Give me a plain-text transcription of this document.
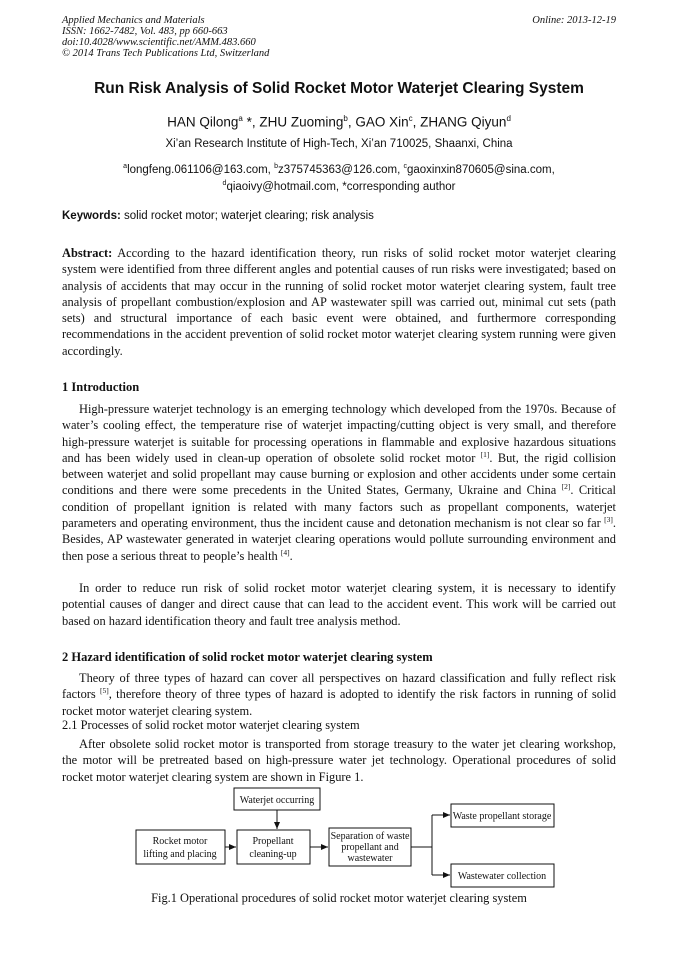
Applied Mechanics and Materials
ISSN: 1662-7482, Vol. 483, pp 660-663
doi:10.4028/www.scientific.net/AMM.483.660
© 2014 Trans Tech Publications Ltd, Switzerland
Online: 2013-12-19
Run Risk Analysis of Solid Rocket Motor Waterjet Clearing System
HAN Qilong$^a$ *, ZHU Zuoming$^b$, GAO Xin$^c$, ZHANG Qiyun$^d$
Xi’an Research Institute of High-Tech, Xi’an 710025, Shaanxi, China
$^a$longfeng.061106@163.com, $^b$z375745363@126.com, $^c$gaoxinxin870605@sina.com,
$^d$qiaoivy@hotmail.com, *corresponding author
Keywords: solid rocket motor; waterjet clearing; risk analysis
Abstract: According to the hazard identification theory, run risks of solid rocket motor waterjet clearing system were identified from three different angles and potential causes of run risks were investigated; based on analysis of accidents that may occur in the running of solid rocket motor waterjet clearing system, fault tree analysis of propellant combustion/explosion and AP wastewater spill was carried out, minimal cut sets (path sets) and structural importance of each basic event were obtained, and furthermore corresponding recommendations in the accident prevention of solid rocket motor waterjet clearing system running were given accordingly.
1 Introduction
High-pressure waterjet technology is an emerging technology which developed from the 1970s. Because of water’s cooling effect, the temperature rise of waterjet impacting/cutting object is very small, and therefore high-pressure waterjet is suitable for processing operations in flammable and explosive hazardous situations and has been widely used in clean-up operation of obsolete solid rocket motor [1]. But, the rigid collision between waterjet and solid propellant may cause burning or explosion and other accidents under some certain conditions and there were some precedents in the United States, Germany, Ukraine and China [2]. Critical condition of propellant ignition is related with many factors such as propellant components, waterjet parameters and operating environment, thus the incident cause and detonation mechanism is not clear so far [3]. Besides, AP wastewater generated in waterjet clearing operations would pollute surrounding environment and then pose a serious threat to people’s health [4].
In order to reduce run risk of solid rocket motor waterjet clearing system, it is necessary to identify potential causes of danger and direct cause that can lead to the accident event. This work will be carried out based on hazard identification theory and fault tree analysis method.
2 Hazard identification of solid rocket motor waterjet clearing system
Theory of three types of hazard can cover all perspectives on hazard classification and fully reflect risk factors [5], therefore theory of three types of hazard is adopted to identify the risk factors in running of solid rocket motor waterjet clearing system.
2.1 Processes of solid rocket motor waterjet clearing system
After obsolete solid rocket motor is transported from storage treasury to the water jet clearing workshop, the motor will be pretreated based on high-pressure water jet technology. Operational procedures of solid rocket motor waterjet clearing system are shown in Figure 1.
Waterjet occurring
Rocket motor
lifting and placing
Propellant
cleaning-up
Separation of waste
propellant and
wastewater
Waste propellant storage
Wastewater collection
Fig.1 Operational procedures of solid rocket motor waterjet clearing system
